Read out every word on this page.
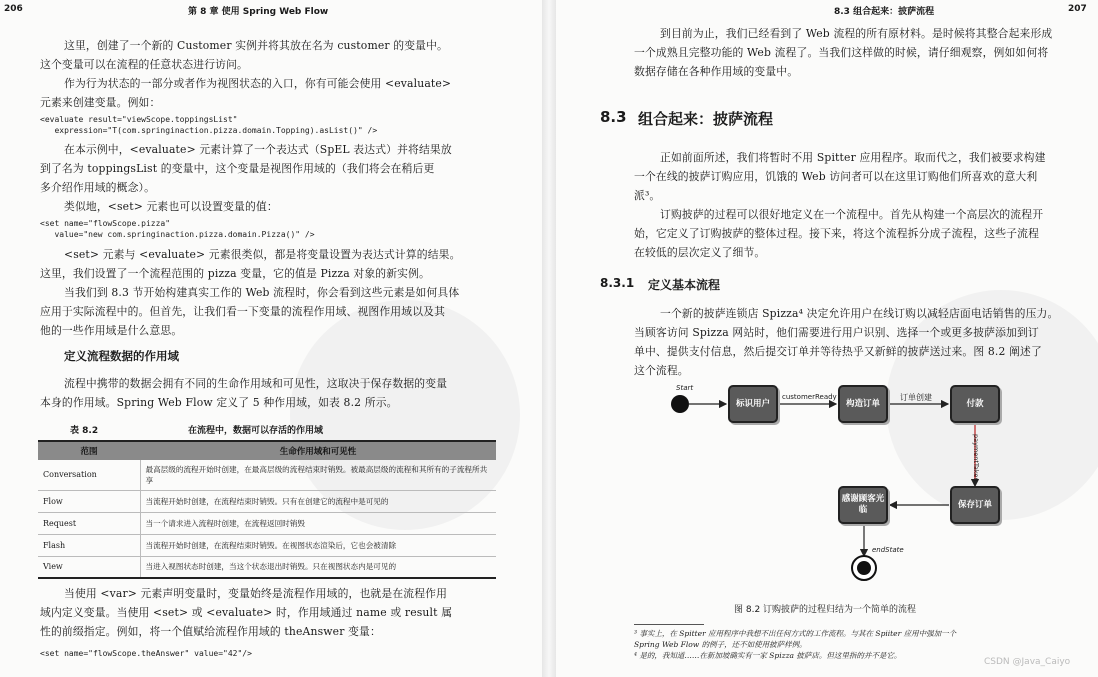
206	第 8 章 使用 Spring Web Flow
这里，创建了一个新的 Customer 实例并将其放在名为 customer 的变量中。
这个变量可以在流程的任意状态进行访问。
作为行为状态的一部分或者作为视图状态的入口，你有可能会使用 <evaluate>
元素来创建变量。例如：
<evaluate result="viewScope.toppingsList"
expression="T(com.springinaction.pizza.domain.Topping).asList()" />
在本示例中，<evaluate> 元素计算了一个表达式（SpEL 表达式）并将结果放
到了名为 toppingsList 的变量中，这个变量是视图作用域的（我们将会在稍后更
多介绍作用域的概念）。
类似地，<set> 元素也可以设置变量的值：
<set name="flowScope.pizza"
value="new com.springinaction.pizza.domain.Pizza()" />
<set> 元素与 <evaluate> 元素很类似，都是将变量设置为表达式计算的结果。
这里，我们设置了一个流程范围的 pizza 变量，它的值是 Pizza 对象的新实例。
当我们到 8.3 节开始构建真实工作的 Web 流程时，你会看到这些元素是如何具体
应用于实际流程中的。但首先，让我们看一下变量的流程作用域、视图作用域以及其
他的一些作用域是什么意思。
定义流程数据的作用域
流程中携带的数据会拥有不同的生命作用域和可见性，这取决于保存数据的变量
本身的作用域。Spring Web Flow 定义了 5 种作用域，如表 8.2 所示。
表 8.2	在流程中，数据可以存活的作用域
范围	生命作用域和可见性
Conversation	最高层级的流程开始时创建，在最高层级的流程结束时销毁。被最高层级的流程和其所有的子流程所共享
Flow	当流程开始时创建，在流程结束时销毁。只有在创建它的流程中是可见的
Request	当一个请求进入流程时创建，在流程返回时销毁
Flash	当流程开始时创建，在流程结束时销毁。在视图状态渲染后，它也会被清除
View	当进入视图状态时创建，当这个状态退出时销毁。只在视图状态内是可见的
当使用 <var> 元素声明变量时，变量始终是流程作用域的，也就是在流程作用
域内定义变量。当使用 <set> 或 <evaluate> 时，作用域通过 name 或 result 属
性的前缀指定。例如，将一个值赋给流程作用域的 theAnswer 变量：
<set name="flowScope.theAnswer" value="42"/>
8.3 组合起来：披萨流程	207
到目前为止，我们已经看到了 Web 流程的所有原材料。是时候将其整合起来形成
一个成熟且完整功能的 Web 流程了。当我们这样做的时候，请仔细观察，例如如何将
数据存储在各种作用域的变量中。
8.3 组合起来：披萨流程
正如前面所述，我们将暂时不用 Spitter 应用程序。取而代之，我们被要求构建
一个在线的披萨订购应用，饥饿的 Web 访问者可以在这里订购他们所喜欢的意大利
派³。
订购披萨的过程可以很好地定义在一个流程中。首先从构建一个高层次的流程开
始，它定义了订购披萨的整体过程。接下来，将这个流程拆分成子流程，这些子流程
在较低的层次定义了细节。
8.3.1 定义基本流程
一个新的披萨连锁店 Spizza⁴ 决定允许用户在线订购以减轻店面电话销售的压力。
当顾客访问 Spizza 网站时，他们需要进行用户识别、选择一个或更多披萨添加到订
单中、提供支付信息，然后提交订单并等待热乎又新鲜的披萨送过来。图 8.2 阐述了
这个流程。
Start
标识用户
customerReady
构造订单
订单创建
付款
paymentTaken
保存订单
感谢顾客光临
endState
图 8.2 订购披萨的过程归结为一个简单的流程
³ 事实上，在 Spitter 应用程序中我想不出任何方式的工作流程。与其在 Spiiter 应用中强加一个
Spring Web Flow 的例子，还不如使用披萨样例。
⁴ 是的，我知道……在新加坡确实有一家 Spizza 披萨店。但这里指的并不是它。
CSDN @Java_Caiyo
